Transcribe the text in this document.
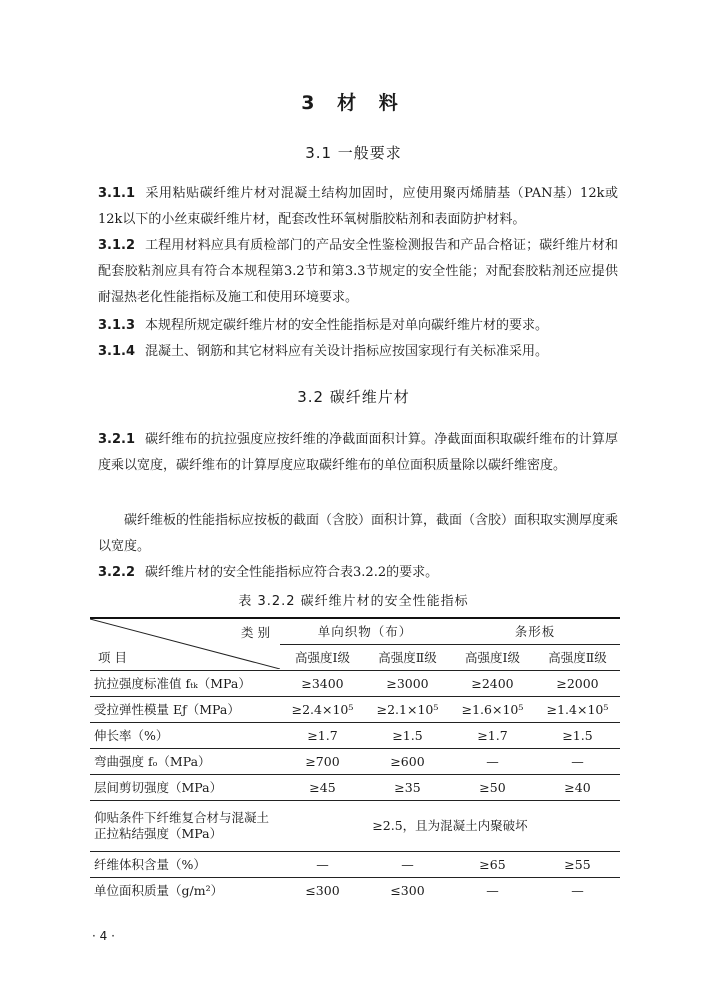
3 材 料
3.1 一般要求
3.1.1 采用粘贴碳纤维片材对混凝土结构加固时，应使用聚丙烯腈基（PAN基）12k或12k以下的小丝束碳纤维片材，配套改性环氧树脂胶粘剂和表面防护材料。
3.1.2 工程用材料应具有质检部门的产品安全性鉴检测报告和产品合格证；碳纤维片材和配套胶粘剂应具有符合本规程第3.2节和第3.3节规定的安全性能；对配套胶粘剂还应提供耐湿热老化性能指标及施工和使用环境要求。
3.1.3 本规程所规定碳纤维片材的安全性能指标是对单向碳纤维片材的要求。
3.1.4 混凝土、钢筋和其它材料应有关设计指标应按国家现行有关标准采用。
3.2 碳纤维片材
3.2.1 碳纤维布的抗拉强度应按纤维的净截面面积计算。净截面面积取碳纤维布的计算厚度乘以宽度，碳纤维布的计算厚度应取碳纤维布的单位面积质量除以碳纤维密度。
碳纤维板的性能指标应按板的截面（含胶）面积计算，截面（含胶）面积取实测厚度乘以宽度。
3.2.2 碳纤维片材的安全性能指标应符合表3.2.2的要求。
表 3.2.2 碳纤维片材的安全性能指标
类 别
项 目	单向织物（布）		条形板	
	高强度Ⅰ级	高强度Ⅱ级	高强度Ⅰ级	高强度Ⅱ级
抗拉强度标准值 fₜₖ（MPa）	≥3400	≥3000	≥2400	≥2000
受拉弹性模量 Eƒ（MPa）	≥2.4×10⁵	≥2.1×10⁵	≥1.6×10⁵	≥1.4×10⁵
伸长率（%）	≥1.7	≥1.5	≥1.7	≥1.5
弯曲强度 fₒ（MPa）	≥700	≥600	—	—
层间剪切强度（MPa）	≥45	≥35	≥50	≥40
仰贴条件下纤维复合材与混凝土正拉粘结强度（MPa）	≥2.5，且为混凝土内聚破坏			
纤维体积含量（%）	—	—	≥65	≥55
单位面积质量（g/m²）	≤300	≤300	—	—
· 4 ·
